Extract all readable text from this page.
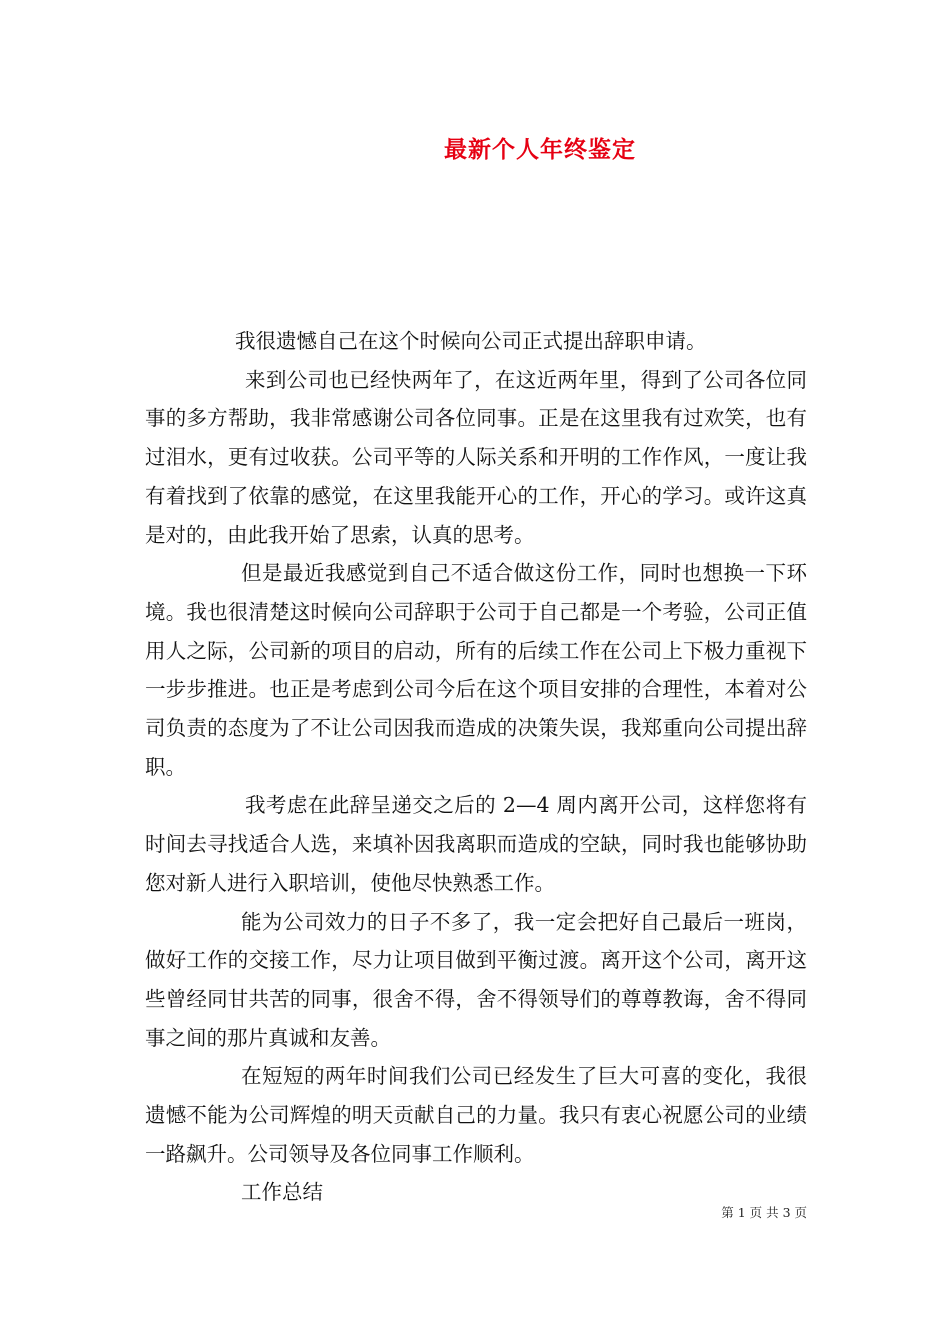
最新个人年终鉴定

我很遗憾自己在这个时候向公司正式提出辞职申请。

来到公司也已经快两年了，在这近两年里，得到了公司各位同事的多方帮助，我非常感谢公司各位同事。正是在这里我有过欢笑，也有过泪水，更有过收获。公司平等的人际关系和开明的工作作风，一度让我有着找到了依靠的感觉，在这里我能开心的工作，开心的学习。或许这真是对的，由此我开始了思索，认真的思考。

但是最近我感觉到自己不适合做这份工作，同时也想换一下环境。我也很清楚这时候向公司辞职于公司于自己都是一个考验，公司正值用人之际，公司新的项目的启动，所有的后续工作在公司上下极力重视下一步步推进。也正是考虑到公司今后在这个项目安排的合理性，本着对公司负责的态度为了不让公司因我而造成的决策失误，我郑重向公司提出辞职。

我考虑在此辞呈递交之后的 2—4 周内离开公司，这样您将有时间去寻找适合人选，来填补因我离职而造成的空缺，同时我也能够协助您对新人进行入职培训，使他尽快熟悉工作。

能为公司效力的日子不多了，我一定会把好自己最后一班岗，做好工作的交接工作，尽力让项目做到平衡过渡。离开这个公司，离开这些曾经同甘共苦的同事，很舍不得，舍不得领导们的尊尊教诲，舍不得同事之间的那片真诚和友善。

在短短的两年时间我们公司已经发生了巨大可喜的变化，我很遗憾不能为公司辉煌的明天贡献自己的力量。我只有衷心祝愿公司的业绩一路飙升。公司领导及各位同事工作顺利。

工作总结

第 1 页 共 3 页
